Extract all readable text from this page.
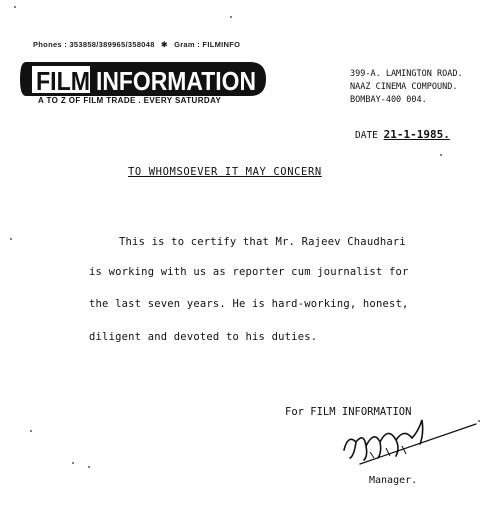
Phones : 353858/389965/358048 ✱ Gram : FILMINFO
FILM INFORMATION
A TO Z OF FILM TRADE . EVERY SATURDAY
399-A. LAMINGTON ROAD.
NAAZ CINEMA COMPOUND.
BOMBAY-400 004.
DATE 21-1-1985.
TO WHOMSOEVER IT MAY CONCERN
This is to certify that Mr. Rajeev Chaudhari
is working with us as reporter cum journalist for
the last seven years. He is hard-working, honest,
diligent and devoted to his duties.
For FILM INFORMATION
Manager.
